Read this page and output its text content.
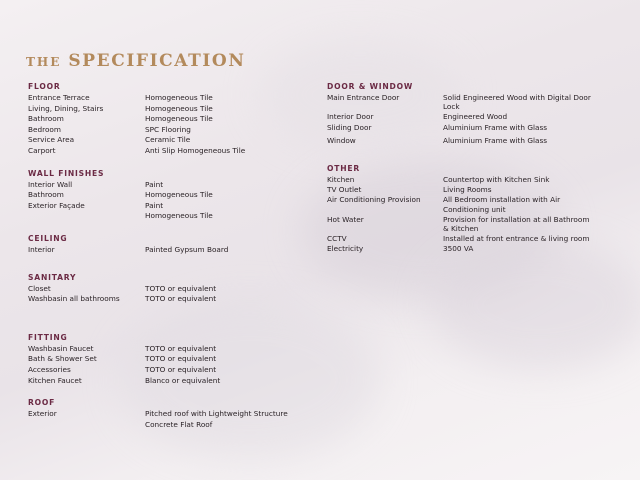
THE SPECIFICATION
FLOOR
Entrance Terrace	Homogeneous Tile
Living, Dining, Stairs	Homogeneous Tile
Bathroom	Homogeneous Tile
Bedroom	SPC Flooring
Service Area	Ceramic Tile
Carport	Anti Slip Homogeneous Tile
WALL FINISHES
Interior Wall	Paint
Bathroom	Homogeneous Tile
Exterior Façade	Paint
Homogeneous Tile
CEILING
Interior	Painted Gypsum Board
SANITARY
Closet	TOTO or equivalent
Washbasin all bathrooms	TOTO or equivalent
FITTING
Washbasin Faucet	TOTO or equivalent
Bath & Shower Set	TOTO or equivalent
Accessories	TOTO or equivalent
Kitchen Faucet	Blanco or equivalent
ROOF
Exterior	Pitched roof with Lightweight Structure
Concrete Flat Roof
DOOR & WINDOW
Main Entrance Door	Solid Engineered Wood with Digital Door Lock
Interior Door	Engineered Wood
Sliding Door	Aluminium Frame with Glass
Window	Aluminium Frame with Glass
OTHER
Kitchen	Countertop with Kitchen Sink
TV Outlet	Living Rooms
Air Conditioning Provision	All Bedroom installation with Air Conditioning unit
Hot Water	Provision for installation at all Bathroom & Kitchen
CCTV	Installed at front entrance & living room
Electricity	3500 VA
